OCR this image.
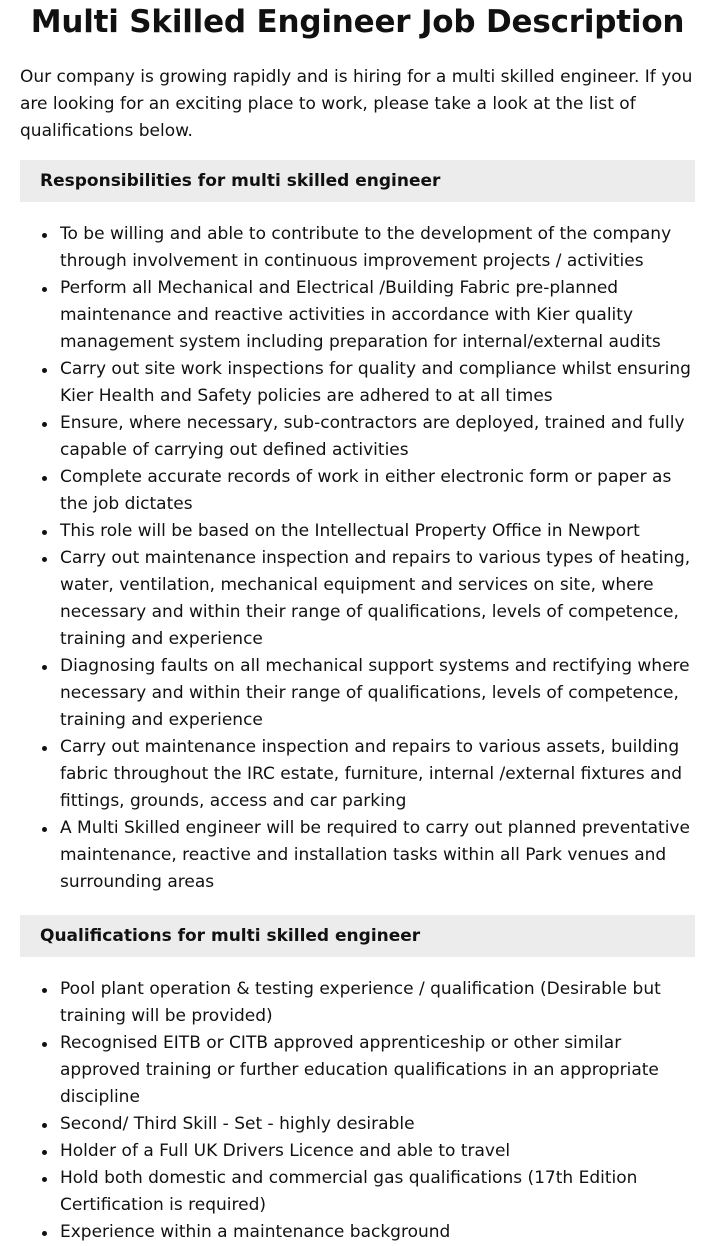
Multi Skilled Engineer Job Description

Our company is growing rapidly and is hiring for a multi skilled engineer. If you are looking for an exciting place to work, please take a look at the list of qualifications below.

Responsibilities for multi skilled engineer
To be willing and able to contribute to the development of the company through involvement in continuous improvement projects / activities
Perform all Mechanical and Electrical /Building Fabric pre-planned maintenance and reactive activities in accordance with Kier quality management system including preparation for internal/external audits
Carry out site work inspections for quality and compliance whilst ensuring Kier Health and Safety policies are adhered to at all times
Ensure, where necessary, sub-contractors are deployed, trained and fully capable of carrying out defined activities
Complete accurate records of work in either electronic form or paper as the job dictates
This role will be based on the Intellectual Property Office in Newport
Carry out maintenance inspection and repairs to various types of heating, water, ventilation, mechanical equipment and services on site, where necessary and within their range of qualifications, levels of competence, training and experience
Diagnosing faults on all mechanical support systems and rectifying where necessary and within their range of qualifications, levels of competence, training and experience
Carry out maintenance inspection and repairs to various assets, building fabric throughout the IRC estate, furniture, internal /external fixtures and fittings, grounds, access and car parking
A Multi Skilled engineer will be required to carry out planned preventative maintenance, reactive and installation tasks within all Park venues and surrounding areas
Qualifications for multi skilled engineer
Pool plant operation & testing experience / qualification (Desirable but training will be provided)
Recognised EITB or CITB approved apprenticeship or other similar approved training or further education qualifications in an appropriate discipline
Second/ Third Skill - Set - highly desirable
Holder of a Full UK Drivers Licence and able to travel
Hold both domestic and commercial gas qualifications (17th Edition Certification is required)
Experience within a maintenance background
